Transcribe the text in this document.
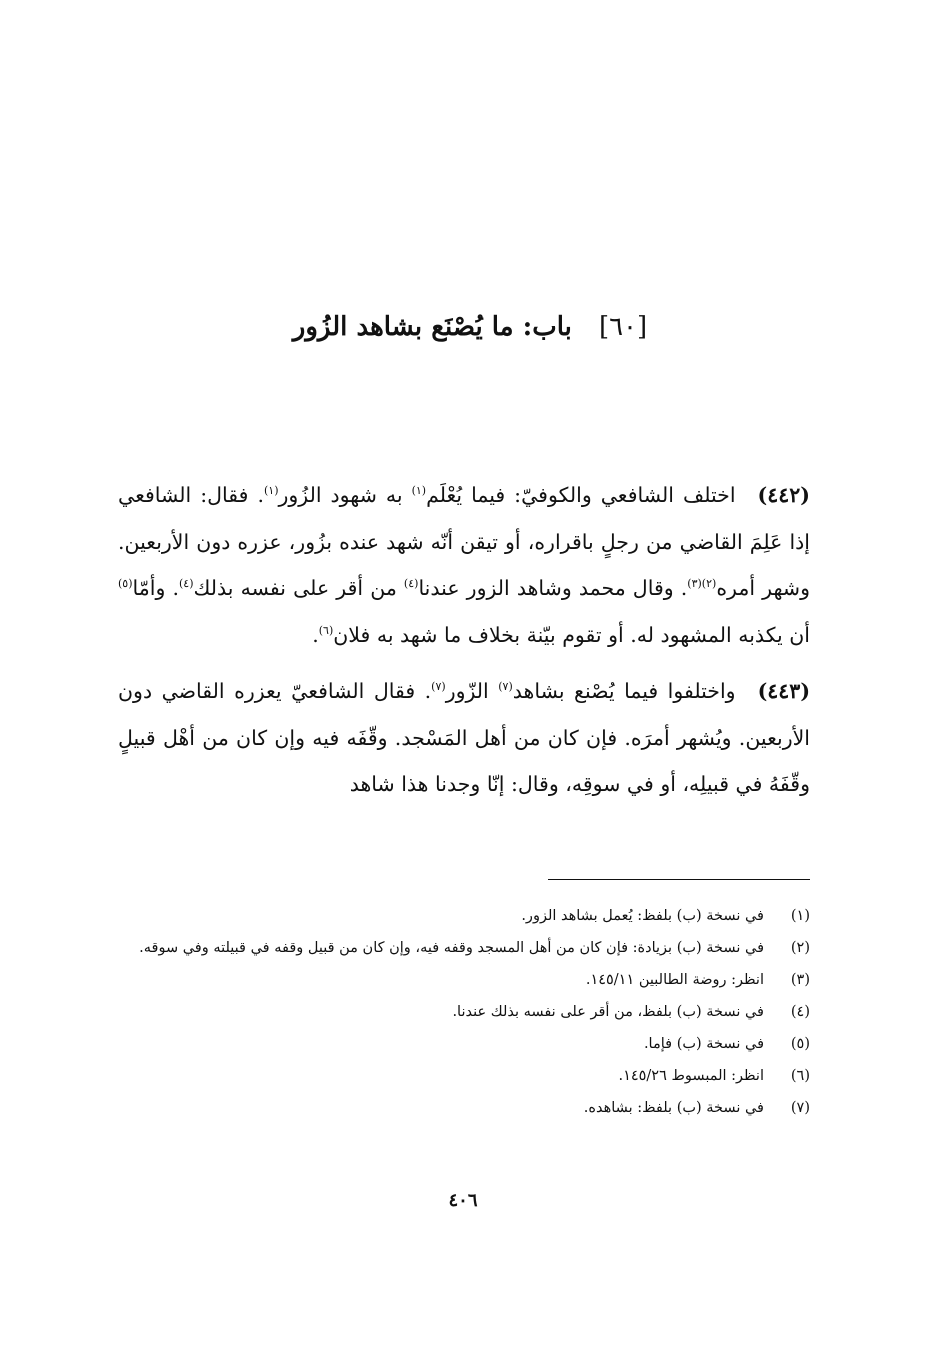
[٦٠] باب: ما يُصْنَع بشاهد الزُور

(٤٤٢)اختلف الشافعي والكوفيّ: فيما يُعْلَم$^{(١)}$ به شهود الزُور$^{(١)}$. فقال: الشافعي إذا عَلِمَ القاضي من رجلٍ باقراره، أو تيقن أنّه شهد عنده بزُور، عزره دون الأربعين. وشهر أمره$^{(٢)(٣)}$. وقال محمد وشاهد الزور عندنا$^{(٤)}$ من أقر على نفسه بذلك$^{(٤)}$. وأمّا$^{(٥)}$ أن يكذبه المشهود له. أو تقوم بيّنة بخلاف ما شهد به فلان$^{(٦)}$.

(٤٤٣)واختلفوا فيما يُصْنع بشاهد$^{(٧)}$ الزّور$^{(٧)}$. فقال الشافعيّ يعزره القاضي دون الأربعين. ويُشهر أمرَه. فإن كان من أهل المَسْجد. وقّفَه فيه وإن كان من أهْل قبيلٍ وقّفَهُ في قبيلِه، أو في سوقِه، وقال: إنّا وجدنا هذا شاهد

(١)
في نسخة (ب) بلفظ: يُعمل بشاهد الزور.
(٢)
في نسخة (ب) بزيادة: فإن كان من أهل المسجد وقفه فيه، وإن كان من قبيل وقفه في قبيلته وفي سوقه.
(٣)
انظر: روضة الطالبين ١٤٥/١١.
(٤)
في نسخة (ب) بلفظ، من أقر على نفسه بذلك عندنا.
(٥)
في نسخة (ب) فإما.
(٦)
انظر: المبسوط ١٤٥/٢٦.
(٧)
في نسخة (ب) بلفظ: بشاهده.
٤٠٦
